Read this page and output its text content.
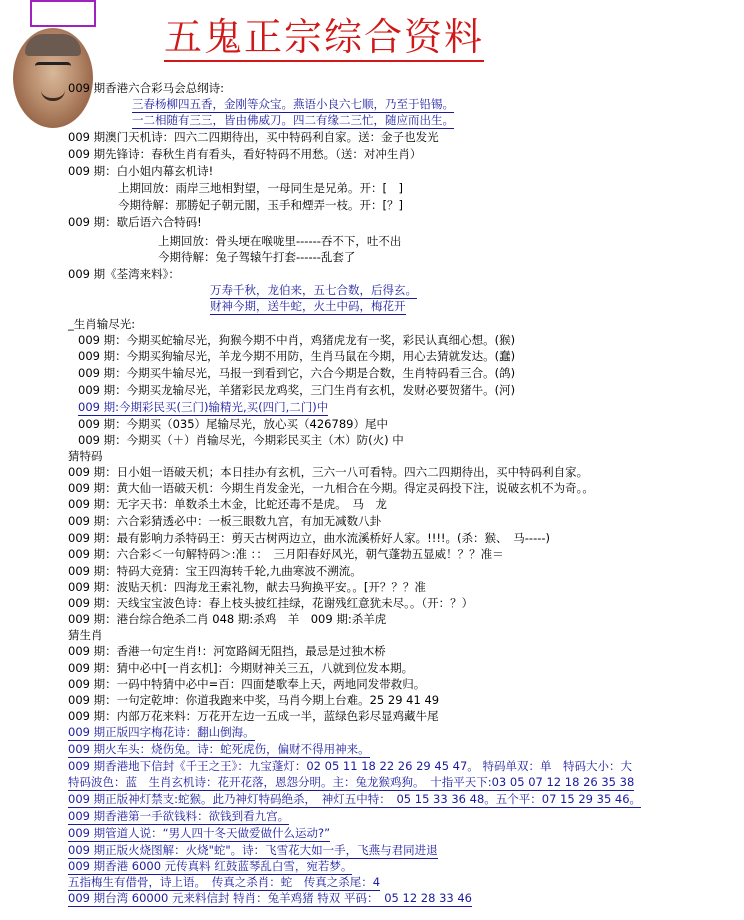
五鬼正宗综合资料
009 期香港六合彩马会总纲诗:
三春杨柳四五香，金刚等众宝。燕语小良六七顺，乃至于铅锡。
一二相随有三三，皆由佛威刀。四二有缘二三忙，随应而出生。
009 期澳门天机诗：四六二四期待出，买中特码利自家。送：金子也发光
009 期先锋诗：春秋生肖有看头，看好特码不用愁。（送：对冲生肖）
009 期：白小姐内幕玄机诗!
上期回放：雨岸三地相對望，一母同生是兄弟。开：[　]
今期待解：那勝妃子朝元閣，玉手和煙弄一枝。开：[？]
009 期：歇后语六合特码!
上期回放：骨头埂在喉咙里------吞不下，吐不出
今期待解：兔子驾辕午打套------乱套了
009 期《荃湾来料》：
万寿千秋，龙伯来，五七合数，后得玄。
财神今期，送牛蛇，火土中码，梅花开
_生肖输尽光:
009 期：今期买蛇输尽光，狗猴今期不中肖，鸡猪虎龙有一奖，彩民认真细心想。(猴)
009 期：今期买狗输尽光，羊龙今期不用防，生肖马鼠在今期，用心去猜就发达。(蠢)
009 期：今期买牛输尽光，马报一到看到它，六合今期是合数，生肖特码看三合。(鸽)
009 期：今期买龙输尽光，羊猪彩民龙鸡奖，三门生肖有玄机，发财必要贺猪牛。(河)
009 期:今期彩民买(三门)输精光,买(四门,二门)中
009 期：今期买（035）尾输尽光，放心买（426789）尾中
009 期：今期买（＋）肖输尽光，今期彩民买主（木）防(火) 中
猜特码
009 期：日小姐一语破天机；本日挂办有玄机，三六一八可看特。四六二四期待出，买中特码利自家。
009 期：黄大仙一语破天机：今期生肖发金光，一九相合在今期。得定灵码投下注，说破玄机不为奇。。
009 期：无字天书：单数杀土木金，比蛇还毒不是虎。　马　龙
009 期：六合彩猜透必中：一板三眼数九宫，有加无减数八卦
009 期：最有影响力杀特码王：剪天古树两边立，曲水流溪桥好人家。!!!!。(杀：猴、　马-----)
009 期：六合彩＜一句解特码＞:准 ：：　三月阳春好风光，朝气蓬勃五显威！？？准＝
009 期：特码大竞猜：宝王四海转千轮,九曲寒波不溯流。
009 期：波贴天机：四海龙王索礼物，献去马狗换平安。。[开？？？准
009 期：天线宝宝波色诗：春上枝头披红挂绿，花谢残红意犹未尽。。（开：？）
009 期：港台综合绝杀二肖 048 期:杀鸡　羊　009 期:杀羊虎
猜生肖
009 期：香港一句定生肖!：河宽路阔无阻挡，最忌是过独木桥
009 期：猜中必中[一肖玄机]：今期财神关三五，八就到位发本期。
009 期：一码中特猜中必中=百：四面楚歌奉上天，两地同发带救归。
009 期：一句定乾坤：你道我跑来中奖，马肖今期上台难。25 29 41 49
009 期：内部万花来料：万花开左边一五成一半，蓝绿色彩尽显鸡藏牛尾
009 期正版四字梅花诗：翻山倒海。
009 期火车头：烧伤兔。诗：蛇死虎伤，偏财不得用神来。
009 期香港地下信封《千王之王》：九宝蓬灯：02 05 11 18 22 26 29 45 47。 特码单双：单　特码大小：大
特码波色：蓝　生肖玄机诗：花开花落，恩怨分明。主：兔龙猴鸡狗。　十指平天下:03 05 07 12 18 26 35 38
009 期正版神灯禁支:蛇猴。此乃神灯特码绝杀，　神灯五中特：　05 15 33 36 48。五个平：07 15 29 35 46。
009 期香港第一手欲钱料：欲钱到看九宫。
009 期管道人说：“男人四十冬天做爱做什么运动?”
009 期正版火烧图解：火烧"蛇"。诗：飞雪花大如一手，飞燕与君同进退
009 期香港 6000 元传真料 红鼓蓝琴乱白雪，宛若梦。
五指梅生有借骨，诗上语。　传真之杀肖：蛇　传真之杀尾：4
009 期台湾 60000 元来料信封 特肖：兔羊鸡猪 特双 平码：　05 12 28 33 46
